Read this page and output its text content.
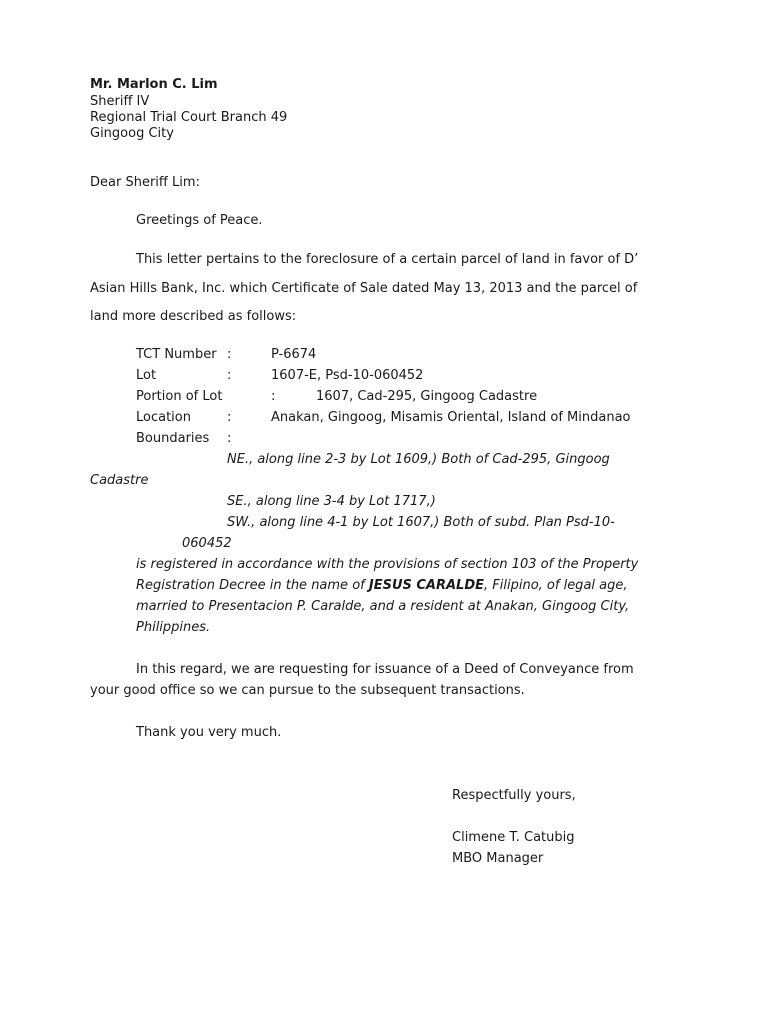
Mr. Marlon C. Lim
Sheriff IV
Regional Trial Court Branch 49
Gingoog City
Dear Sheriff Lim:
Greetings of Peace.
This letter pertains to the foreclosure of a certain parcel of land in favor of D’
Asian Hills Bank, Inc. which Certificate of Sale dated May 13, 2013 and the parcel of
land more described as follows:
TCT Number :	P-6674
Lot	:	1607-E, Psd-10-060452
Portion of Lot	:	1607, Cad-295, Gingoog Cadastre
Location	:	Anakan, Gingoog, Misamis Oriental, Island of Mindanao
Boundaries :
NE., along line 2-3 by Lot 1609,) Both of Cad-295, Gingoog
Cadastre
SE., along line 3-4 by Lot 1717,)
SW., along line 4-1 by Lot 1607,) Both of subd. Plan Psd-10-
060452
is registered in accordance with the provisions of section 103 of the Property
Registration Decree in the name of JESUS CARALDE, Filipino, of legal age,
married to Presentacion P. Caralde, and a resident at Anakan, Gingoog City,
Philippines.
In this regard, we are requesting for issuance of a Deed of Conveyance from
your good office so we can pursue to the subsequent transactions.
Thank you very much.
Respectfully yours,
Climene T. Catubig
MBO Manager
